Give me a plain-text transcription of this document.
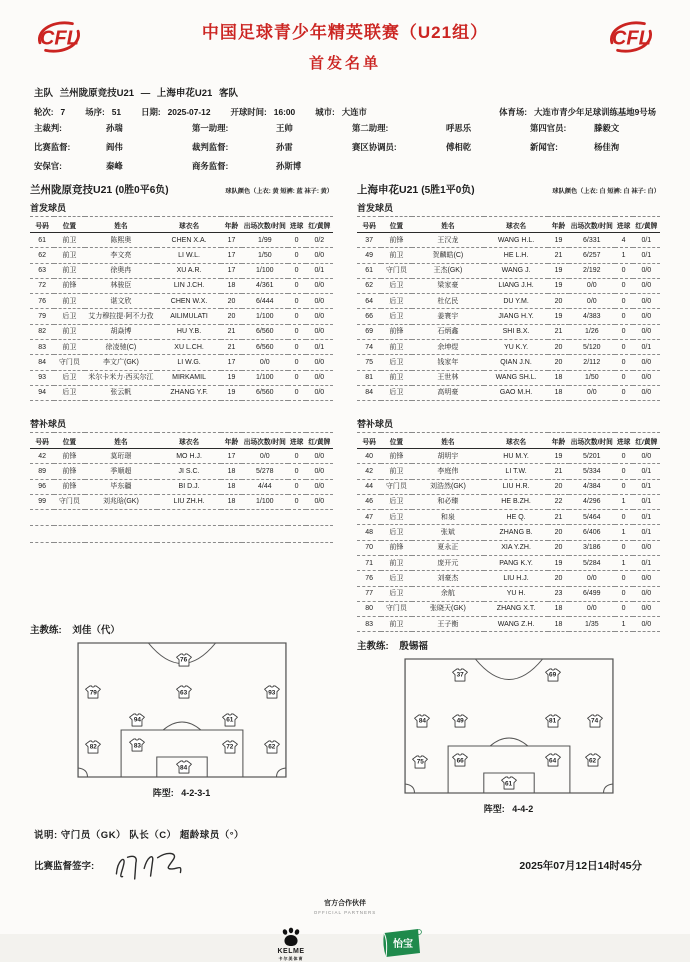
CFL	中国足球青少年精英联赛（U21组）
首发名单
CFL
主队 兰州陇原竞技U21 — 上海申花U21 客队
轮次: 7 场序: 51 日期: 2025-07-12 开球时间: 16:00 城市: 大连市	体育场: 大连市青少年足球训练基地9号场
主裁判:	孙瑞	第一助理:	王帅	第二助理:	呼思乐	第四官员:	滕毅文
比赛监督:	阎伟	裁判监督:	孙雷	赛区协调员:	傅相乾	新闻官:	杨佳洵
安保官:	秦峰	商务监督:	孙斯博
兰州陇原竞技U21 (0胜0平6负)	球队颜色（上衣: 黄 短裤: 蓝 袜子: 黄）
首发球员
号码	位置	姓名	球衣名	年龄	出场次数/时间	进球	红/黄牌
61	前卫	陈熙奥	CHEN X.A.	17	1/99	0	0/2
62	前卫	李文亮	LI W.L.	17	1/50	0	0/0
63	前卫	徐奥冉	XU A.R.	17	1/100	0	0/1
72	前锋	林骏臣	LIN J.CH.	18	4/361	0	0/0
76	前卫	谌文欣	CHEN W.X.	20	6/444	0	0/0
79	后卫	艾力穆拉提·阿不力孜	AILIMULATI	20	1/100	0	0/0
82	前卫	胡焱博	HU Y.B.	21	6/560	0	0/0
83	前卫	徐凌驰(C)	XU L.CH.	21	6/560	0	0/1
84	守门员	李文广(GK)	LI W.G.	17	0/0	0	0/0
93	后卫	米尔卡米力·西买尔江	MIRKAMIL	19	1/100	0	0/0
94	后卫	张云帆	ZHANG Y.F.	19	6/560	0	0/0
替补球员
号码	位置	姓名	球衣名	年龄	出场次数/时间	进球	红/黄牌
42	前锋	莫珩璟	MO H.J.	17	0/0	0	0/0
89	前锋	季顺超	JI S.C.	18	5/278	0	0/0
96	前锋	毕东疆	BI D.J.	18	4/44	0	0/0
99	守门员	刘兆晗(GK)	LIU ZH.H.	18	1/100	0	0/0

主教练: 刘佳（代）
76
79	63	93
94	61
82	83	72	62
84
阵型: 4-2-3-1
上海申花U21 (5胜1平0负)	球队颜色（上衣: 白 短裤: 白 袜子: 白）
首发球员
号码	位置	姓名	球衣名	年龄	出场次数/时间	进球	红/黄牌
37	前锋	王汉龙	WANG H.L.	19	6/331	4	0/1
49	前卫	贺麟皓(C)	HE L.H.	21	6/257	1	0/1
61	守门员	王杰(GK)	WANG J.	19	2/192	0	0/0
62	后卫	梁家豪	LIANG J.H.	19	0/0	0	0/0
64	后卫	杜亿民	DU Y.M.	20	0/0	0	0/0
66	后卫	姜寰宇	JIANG H.Y.	19	4/383	0	0/0
69	前锋	石炳鑫	SHI B.X.	21	1/26	0	0/0
74	前卫	余坤煜	YU K.Y.	20	5/120	0	0/1
75	后卫	钱家年	QIAN J.N.	20	2/112	0	0/0
81	前卫	王世林	WANG SH.L.	18	1/50	0	0/0
84	后卫	高明豪	GAO M.H.	18	0/0	0	0/0
替补球员
号码	位置	姓名	球衣名	年龄	出场次数/时间	进球	红/黄牌
40	前锋	胡明宇	HU M.Y.	19	5/201	0	0/0
42	前卫	李庭伟	LI T.W.	21	5/334	0	0/1
44	守门员	刘浩然(GK)	LIU H.R.	20	4/384	0	0/1
46	后卫	和必臻	HE B.ZH.	22	4/296	1	0/1
47	后卫	和泉	HE Q.	21	5/464	0	0/1
48	后卫	张斌	ZHANG B.	20	6/406	1	0/1
70	前锋	夏永正	XIA Y.ZH.	20	3/186	0	0/0
71	前卫	庞开元	PANG K.Y.	19	5/284	1	0/1
76	后卫	刘豪杰	LIU H.J.	20	0/0	0	0/0
77	后卫	余航	YU H.	23	6/499	0	0/0
80	守门员	张晓天(GK)	ZHANG X.T.	18	0/0	0	0/0
83	前卫	王子衡	WANG Z.H.	18	1/35	1	0/0
主教练: 殷锡福
37	69
84	49	81	74
75	66	64	62
61
阵型: 4-4-2
说明: 守门员（GK） 队长（C） 超龄球员（°）
比赛监督签字:	2025年07月12日14时45分
官方合作伙伴
OFFICIAL PARTNERS
KELME
卡尔美体育
怡宝
